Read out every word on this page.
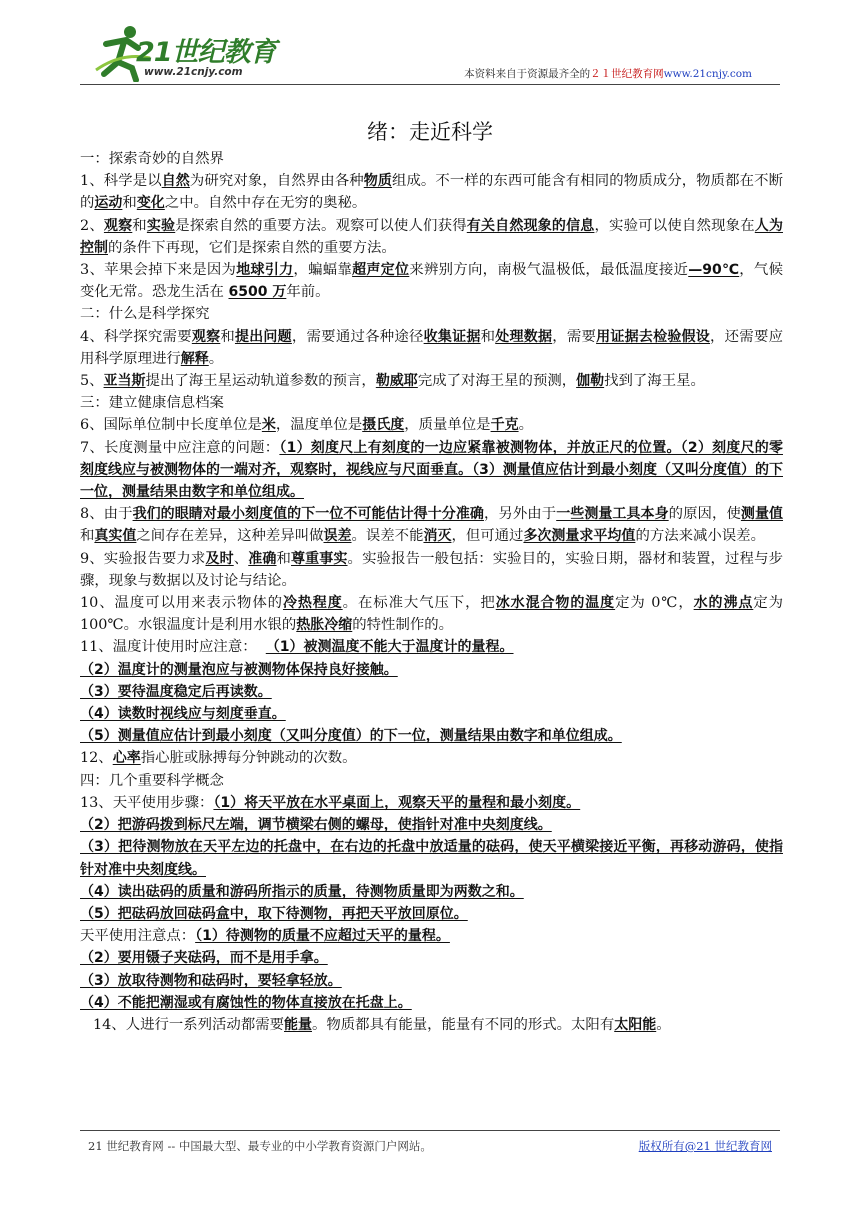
21世纪教育
www.21cnjy.com	本资料来自于资源最齐全的２１世纪教育网www.21cnjy.com
绪：走近科学

一：探索奇妙的自然界

1、科学是以自然为研究对象，自然界由各种物质组成。不一样的东西可能含有相同的物质成分，物质都在不断的运动和变化之中。自然中存在无穷的奥秘。

2、观察和实验是探索自然的重要方法。观察可以使人们获得有关自然现象的信息，实验可以使自然现象在人为控制的条件下再现，它们是探索自然的重要方法。

3、苹果会掉下来是因为地球引力，蝙蝠靠超声定位来辨别方向，南极气温极低，最低温度接近—90℃，气候变化无常。恐龙生活在 6500 万年前。

二：什么是科学探究

4、科学探究需要观察和提出问题，需要通过各种途径收集证据和处理数据，需要用证据去检验假设，还需要应用科学原理进行解释。

5、亚当斯提出了海王星运动轨道参数的预言，勒威耶完成了对海王星的预测，伽勒找到了海王星。

三：建立健康信息档案

6、国际单位制中长度单位是米，温度单位是摄氏度，质量单位是千克。

7、长度测量中应注意的问题：（1）刻度尺上有刻度的一边应紧靠被测物体，并放正尺的位置。（2）刻度尺的零刻度线应与被测物体的一端对齐，观察时，视线应与尺面垂直。（3）测量值应估计到最小刻度（又叫分度值）的下一位，测量结果由数字和单位组成。

8、由于我们的眼睛对最小刻度值的下一位不可能估计得十分准确，另外由于一些测量工具本身的原因，使测量值和真实值之间存在差异，这种差异叫做误差。误差不能消灭，但可通过多次测量求平均值的方法来减小误差。

9、实验报告要力求及时、准确和尊重事实。实验报告一般包括：实验目的，实验日期，器材和装置，过程与步骤，现象与数据以及讨论与结论。

10、温度可以用来表示物体的冷热程度。在标准大气压下，把冰水混合物的温度定为 0℃，水的沸点定为 100℃。水银温度计是利用水银的热胀冷缩的特性制作的。

11、温度计使用时应注意： （1）被测温度不能大于温度计的量程。

（2）温度计的测量泡应与被测物体保持良好接触。

（3）要待温度稳定后再读数。

（4）读数时视线应与刻度垂直。

（5）测量值应估计到最小刻度（又叫分度值）的下一位，测量结果由数字和单位组成。

12、心率指心脏或脉搏每分钟跳动的次数。

四：几个重要科学概念

13、天平使用步骤：（1）将天平放在水平桌面上，观察天平的量程和最小刻度。

（2）把游码拨到标尺左端，调节横梁右侧的螺母，使指针对准中央刻度线。

（3）把待测物放在天平左边的托盘中，在右边的托盘中放适量的砝码，使天平横梁接近平衡，再移动游码，使指针对准中央刻度线。

（4）读出砝码的质量和游码所指示的质量，待测物质量即为两数之和。

（5）把砝码放回砝码盒中，取下待测物，再把天平放回原位。

天平使用注意点：（1）待测物的质量不应超过天平的量程。

（2）要用镊子夹砝码，而不是用手拿。

（3）放取待测物和砝码时，要轻拿轻放。

（4）不能把潮湿或有腐蚀性的物体直接放在托盘上。

14、人进行一系列活动都需要能量。物质都具有能量，能量有不同的形式。太阳有太阳能。

21 世纪教育网 -- 中国最大型、最专业的中小学教育资源门户网站。	版权所有@21 世纪教育网
